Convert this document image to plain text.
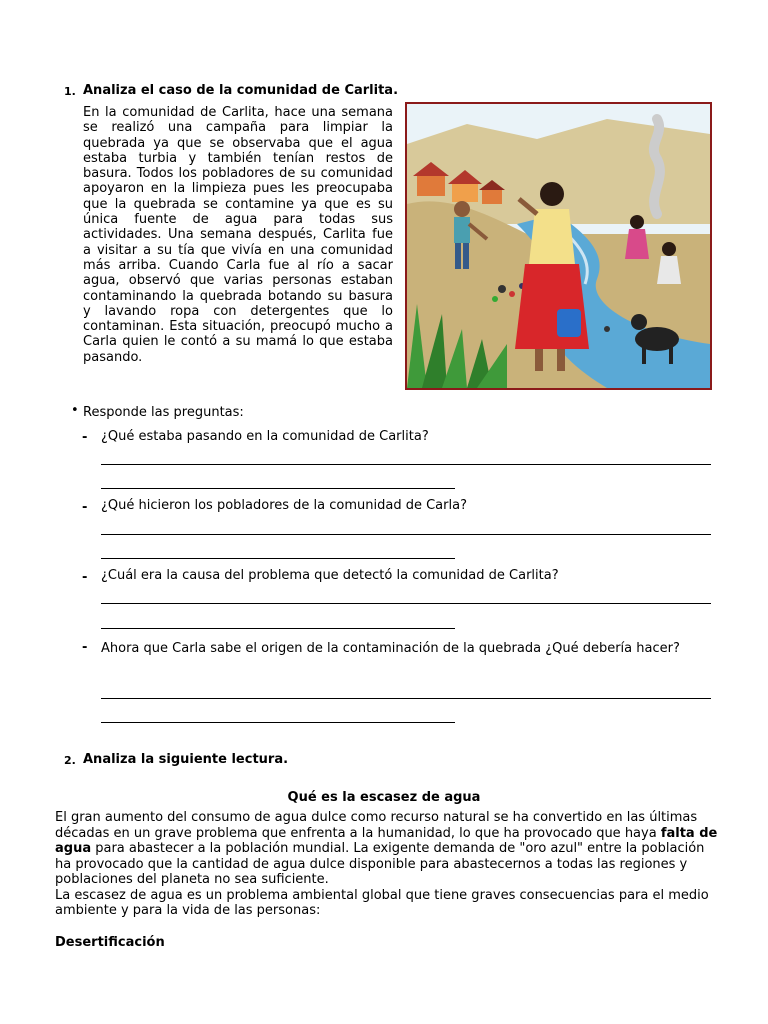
1. Analiza el caso de la comunidad de Carlita.
En la comunidad de Carlita, hace una semana se realizó una campaña para limpiar la quebrada ya que se observaba que el agua estaba turbia y también tenían restos de basura. Todos los pobladores de su comunidad apoyaron en la limpieza pues les preocupaba que la quebrada se contamine ya que es su única fuente de agua para todas sus actividades. Una semana después, Carlita fue a visitar a su tía que vivía en una comunidad más arriba. Cuando Carla fue al río a sacar agua, observó que varias personas estaban contaminando la quebrada botando su basura y lavando ropa con detergentes que lo contaminan. Esta situación, preocupó mucho a Carla quien le contó a su mamá lo que estaba pasando.
• Responde las preguntas:
- ¿Qué estaba pasando en la comunidad de Carlita?
- ¿Qué hicieron los pobladores de la comunidad de Carla?
- ¿Cuál era la causa del problema que detectó la comunidad de Carlita?
- Ahora que Carla sabe el origen de la contaminación de la quebrada ¿Qué debería hacer?
2. Analiza la siguiente lectura.
Qué es la escasez de agua

El gran aumento del consumo de agua dulce como recurso natural se ha convertido en las últimas décadas en un grave problema que enfrenta a la humanidad, lo que ha provocado que haya falta de agua para abastecer a la población mundial. La exigente demanda de "oro azul" entre la población ha provocado que la cantidad de agua dulce disponible para abastecernos a todas las regiones y poblaciones del planeta no sea suficiente.

La escasez de agua es un problema ambiental global que tiene graves consecuencias para el medio ambiente y para la vida de las personas:

Desertificación
